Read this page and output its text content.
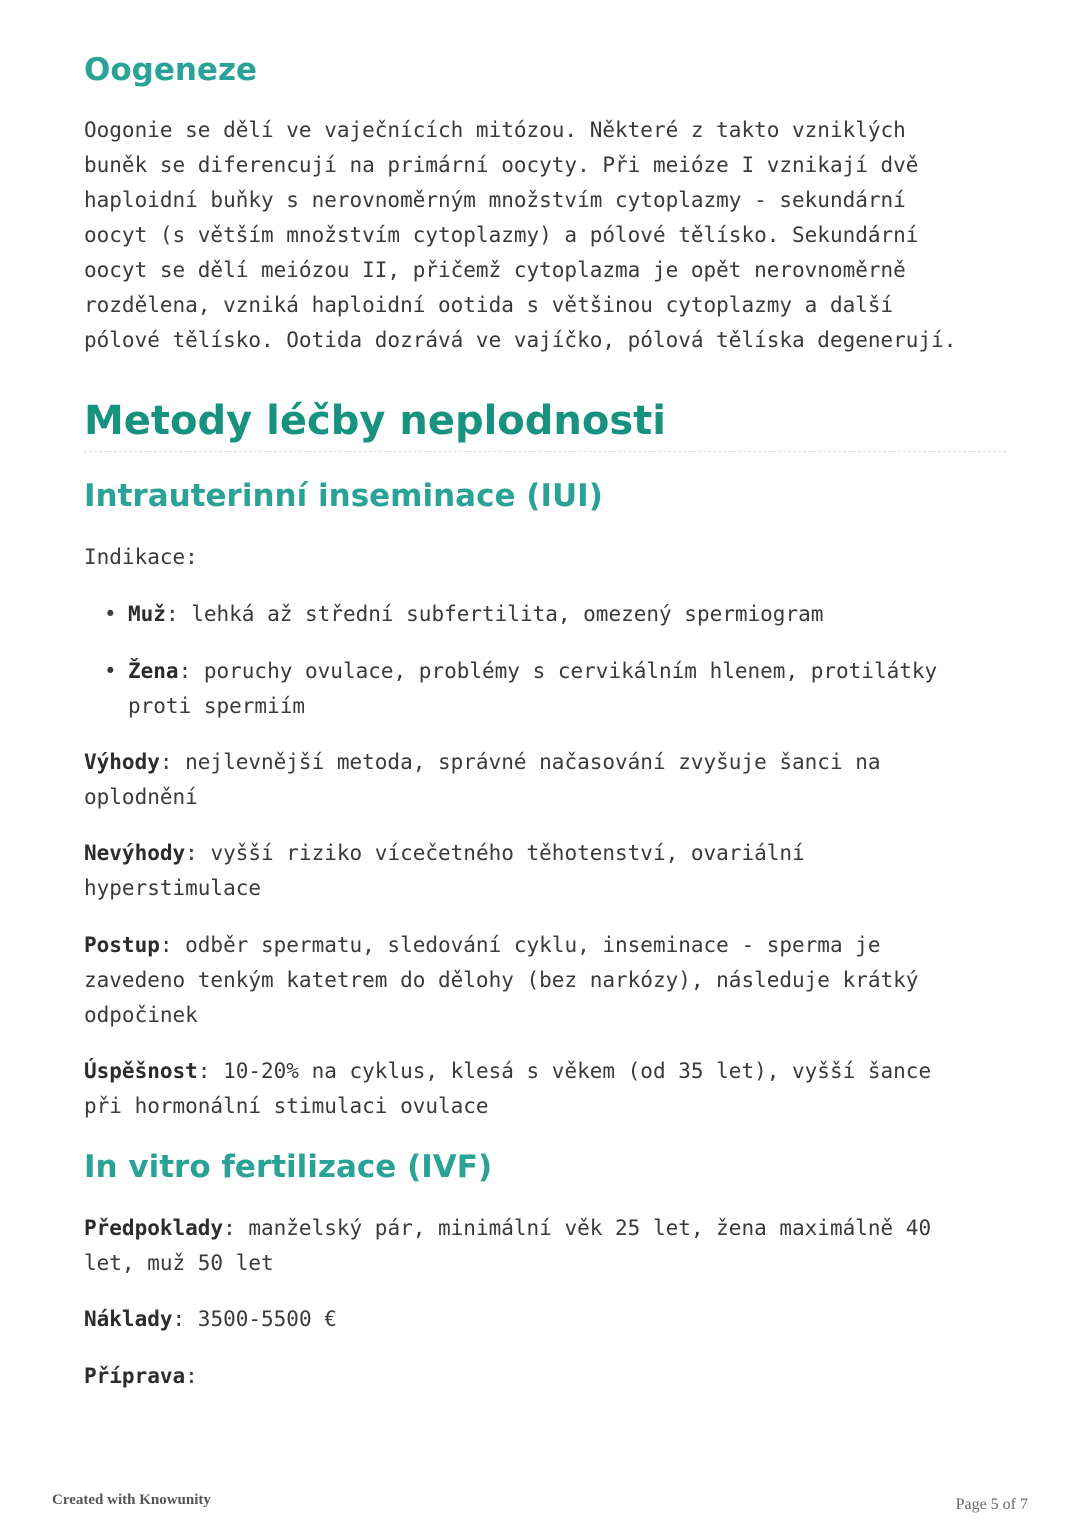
Oogeneze

Oogonie se dělí ve vaječnících mitózou. Některé z takto vzniklých

buněk se diferencují na primární oocyty. Při meióze I vznikají dvě

haploidní buňky s nerovnoměrným množstvím cytoplazmy - sekundární

oocyt (s větším množstvím cytoplazmy) a pólové tělísko. Sekundární

oocyt se dělí meiózou II, přičemž cytoplazma je opět nerovnoměrně

rozdělena, vzniká haploidní ootida s většinou cytoplazmy a další

pólové tělísko. Ootida dozrává ve vajíčko, pólová tělíska degenerují.

Metody léčby neplodnosti
Intrauterinní inseminace (IUI)

Indikace:

• Muž: lehká až střední subfertilita, omezený spermiogram

• Žena: poruchy ovulace, problémy s cervikálním hlenem, protilátky

proti spermiím

Výhody: nejlevnější metoda, správné načasování zvyšuje šanci na

oplodnění

Nevýhody: vyšší riziko vícečetného těhotenství, ovariální

hyperstimulace

Postup: odběr spermatu, sledování cyklu, inseminace - sperma je

zavedeno tenkým katetrem do dělohy (bez narkózy), následuje krátký

odpočinek

Úspěšnost: 10-20% na cyklus, klesá s věkem (od 35 let), vyšší šance

při hormonální stimulaci ovulace

In vitro fertilizace (IVF)

Předpoklady: manželský pár, minimální věk 25 let, žena maximálně 40

let, muž 50 let

Náklady: 3500-5500 €

Příprava:

Created with Knowunity	Page 5 of 7
